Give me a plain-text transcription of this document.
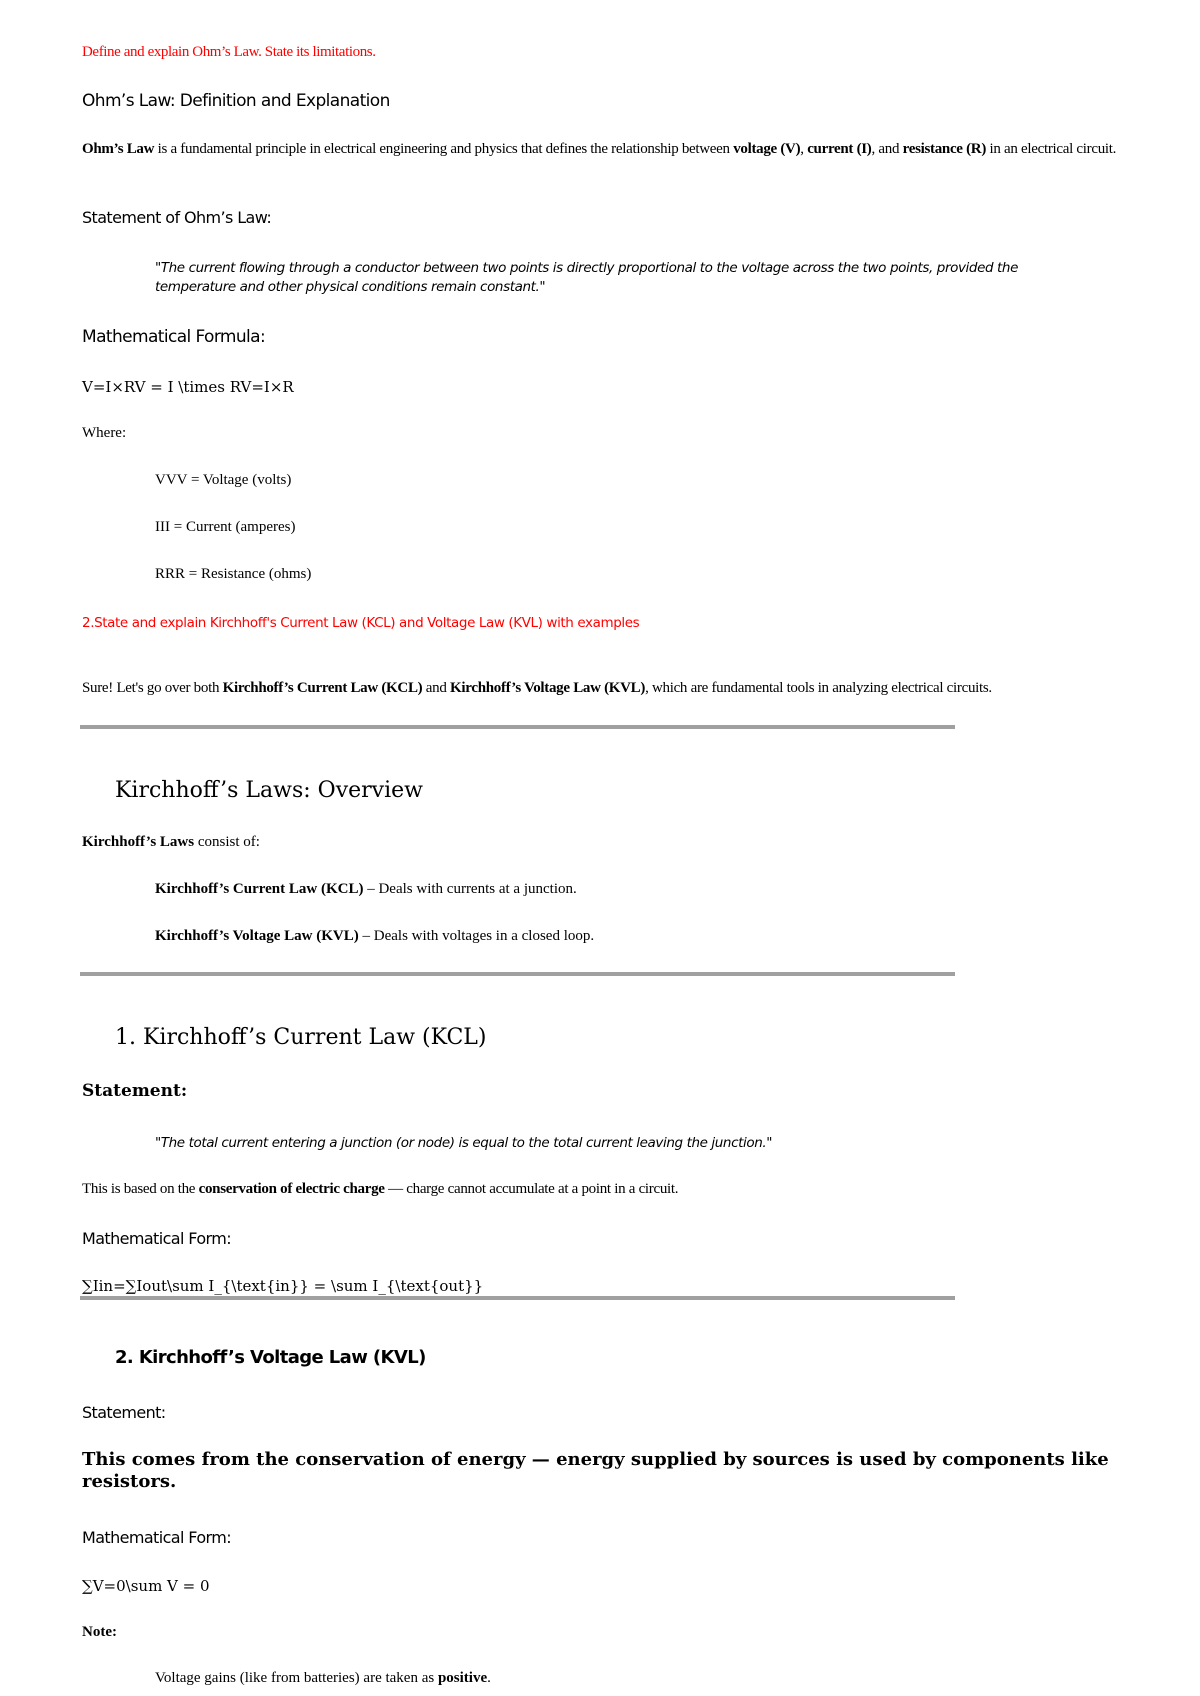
Define and explain Ohm’s Law. State its limitations.

Ohm’s Law: Definition and Explanation

Ohm’s Law is a fundamental principle in electrical engineering and physics that defines the relationship between voltage (V), current (I), and resistance (R) in an electrical circuit.

Statement of Ohm’s Law:

"The current flowing through a conductor between two points is directly proportional to the voltage across the two points, provided the temperature and other physical conditions remain constant."

Mathematical Formula:

V=I×RV = I \times RV=I×R

Where:

VVV = Voltage (volts)

III = Current (amperes)

RRR = Resistance (ohms)

2.State and explain Kirchhoff's Current Law (KCL) and Voltage Law (KVL) with examples

Sure! Let's go over both Kirchhoff’s Current Law (KCL) and Kirchhoff’s Voltage Law (KVL), which are fundamental tools in analyzing electrical circuits.

Kirchhoff’s Laws: Overview

Kirchhoff’s Laws consist of:

Kirchhoff’s Current Law (KCL) – Deals with currents at a junction.

Kirchhoff’s Voltage Law (KVL) – Deals with voltages in a closed loop.

1. Kirchhoff’s Current Law (KCL)

Statement:

"The total current entering a junction (or node) is equal to the total current leaving the junction."

This is based on the conservation of electric charge — charge cannot accumulate at a point in a circuit.

Mathematical Form:

∑Iin=∑Iout\sum I_{\text{in}} = \sum I_{\text{out}}

2. Kirchhoff’s Voltage Law (KVL)

Statement:

This comes from the conservation of energy — energy supplied by sources is used by components like resistors.

Mathematical Form:

∑V=0\sum V = 0

Note:

Voltage gains (like from batteries) are taken as positive.
